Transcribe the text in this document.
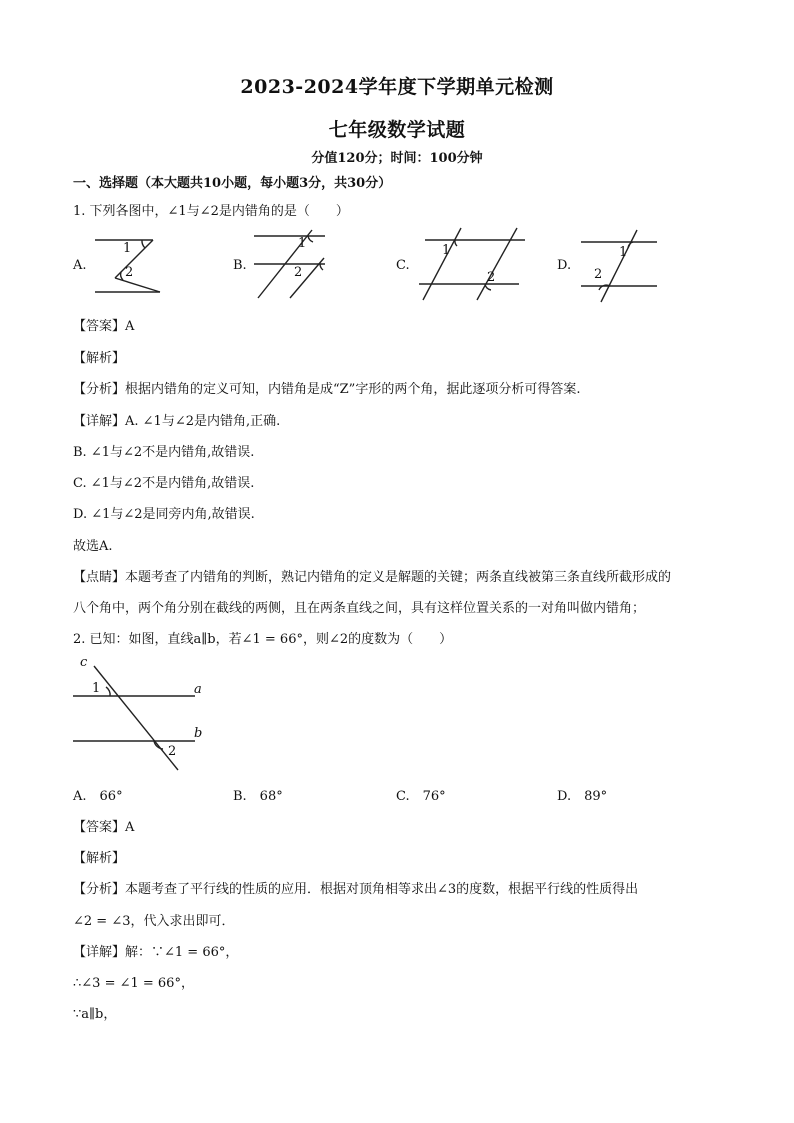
2023-2024学年度下学期单元检测
七年级数学试题
分值120分；时间：100分钟
一、选择题（本大题共10小题，每小题3分，共30分）
1. 下列各图中，∠1与∠2是内错角的是（　　）
A.
1
2	B.
1
2	C.
1
2
D.
1
2
【答案】A
【解析】
【分析】根据内错角的定义可知，内错角是成“Z”字形的两个角，据此逐项分析可得答案.
【详解】A. ∠1与∠2是内错角,正确.
B. ∠1与∠2不是内错角,故错误.
C. ∠1与∠2不是内错角,故错误.
D. ∠1与∠2是同旁内角,故错误.
故选A.
【点睛】本题考查了内错角的判断，熟记内错角的定义是解题的关键；两条直线被第三条直线所截形成的
八个角中，两个角分别在截线的两侧，且在两条直线之间，具有这样位置关系的一对角叫做内错角；
2. 已知：如图，直线a∥b，若∠1 = 66°，则∠2的度数为（　　）
c
a
b
1
2
A.　66°	B.　68°	C.　76°	D.　89°
【答案】A
【解析】
【分析】本题考查了平行线的性质的应用．根据对顶角相等求出∠3的度数，根据平行线的性质得出
∠2 = ∠3，代入求出即可．
【详解】解：∵∠1 = 66°，
∴∠3 = ∠1 = 66°，
∵a∥b，
